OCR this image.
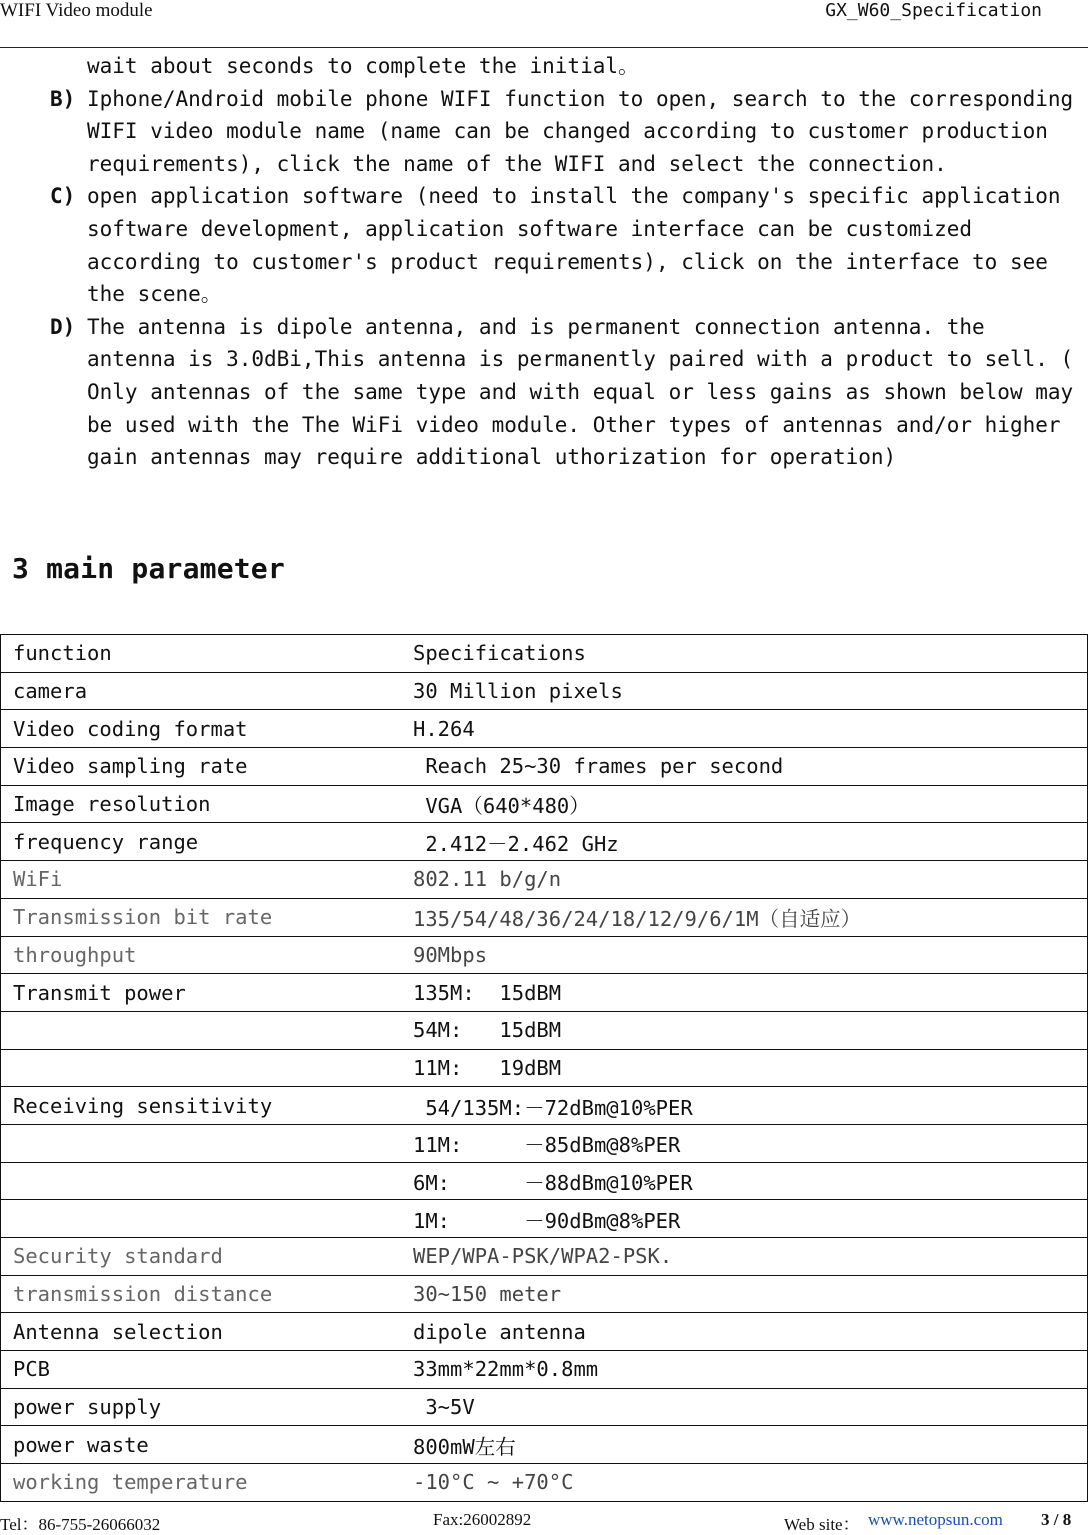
WIFI Video module	GX_W60_Specification
wait about seconds to complete the initial。
B) Iphone/Android mobile phone WIFI function to open, search to the corresponding WIFI video module name (name can be changed according to customer production requirements), click the name of the WIFI and select the connection.
C) open application software (need to install the company's specific application software development, application software interface can be customized according to customer's product requirements), click on the interface to see the scene。
D) The antenna is dipole antenna, and is permanent connection antenna. the antenna is 3.0dBi,This antenna is permanently paired with a product to sell. ( Only antennas of the same type and with equal or less gains as shown below may be used with the The WiFi video module. Other types of antennas and/or higher gain antennas may require additional uthorization for operation)
3 main parameter
function	Specifications
camera	30 Million pixels
Video coding format	H.264
Video sampling rate	Reach 25~30 frames per second
Image resolution	VGA（640*480）
frequency range	2.412－2.462 GHz
WiFi	802.11 b/g/n
Transmission bit rate	135/54/48/36/24/18/12/9/6/1M（自适应）
throughput	90Mbps
Transmit power	135M:  15dBM
	54M:   15dBM
	11M:   19dBM
Receiving sensitivity	54/135M:－72dBm@10%PER
	11M:     －85dBm@8%PER
	6M:      －88dBm@10%PER
	1M:      －90dBm@8%PER
Security standard	WEP/WPA-PSK/WPA2-PSK.
transmission distance	30~150 meter
Antenna selection	dipole antenna
PCB	33mm*22mm*0.8mm
power supply	3~5V
power waste	800mW左右
working temperature	-10°C ~ +70°C
Tel：86-755-26066032	Fax:26002892	Web site： www.netopsun.com 3 / 8
